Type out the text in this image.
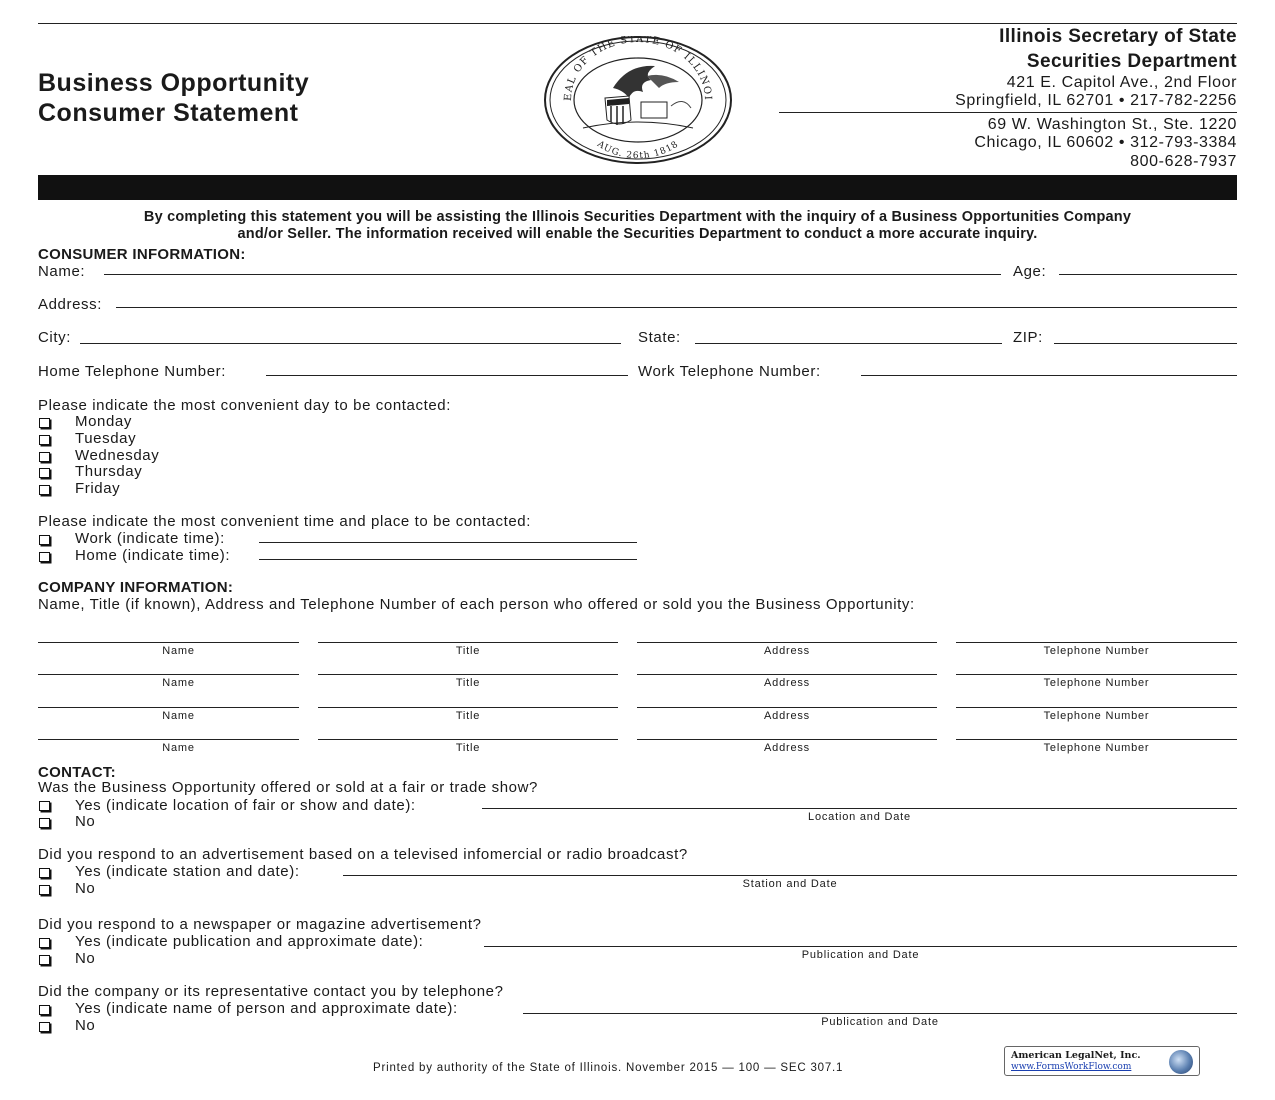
Business Opportunity
Consumer Statement
EAL OF THE STATE OF ILLINOI
AUG. 26th 1818
Illinois Secretary of State
Securities Department
421 E. Capitol Ave., 2nd Floor
Springfield, IL 62701 • 217-782-2256
69 W. Washington St., Ste. 1220
Chicago, IL 60602 • 312-793-3384
800-628-7937
By completing this statement you will be assisting the Illinois Securities Department with the inquiry of a Business Opportunities Company
and/or Seller. The information received will enable the Securities Department to conduct a more accurate inquiry.
CONSUMER INFORMATION:
Name:	Age:
Address:
City:	State:	ZIP:
Home Telephone Number:	Work Telephone Number:
Please indicate the most convenient day to be contacted:
Monday
Tuesday
Wednesday
Thursday
Friday
Please indicate the most convenient time and place to be contacted:
Work (indicate time):
Home (indicate time):
COMPANY INFORMATION:
Name, Title (if known), Address and Telephone Number of each person who offered or sold you the Business Opportunity:
Name	Title	Address	Telephone Number
Name	Title	Address	Telephone Number
Name	Title	Address	Telephone Number
Name	Title	Address	Telephone Number
CONTACT:
Was the Business Opportunity offered or sold at a fair or trade show?
Yes (indicate location of fair or show and date):
Location and Date
No
Did you respond to an advertisement based on a televised infomercial or radio broadcast?
Yes (indicate station and date):
Station and Date
No
Did you respond to a newspaper or magazine advertisement?
Yes (indicate publication and approximate date):
Publication and Date
No
Did the company or its representative contact you by telephone?
Yes (indicate name of person and approximate date):
Publication and Date
No
Printed by authority of the State of Illinois. November 2015 — 100 — SEC 307.1
American LegalNet, Inc.
www.FormsWorkFlow.com
